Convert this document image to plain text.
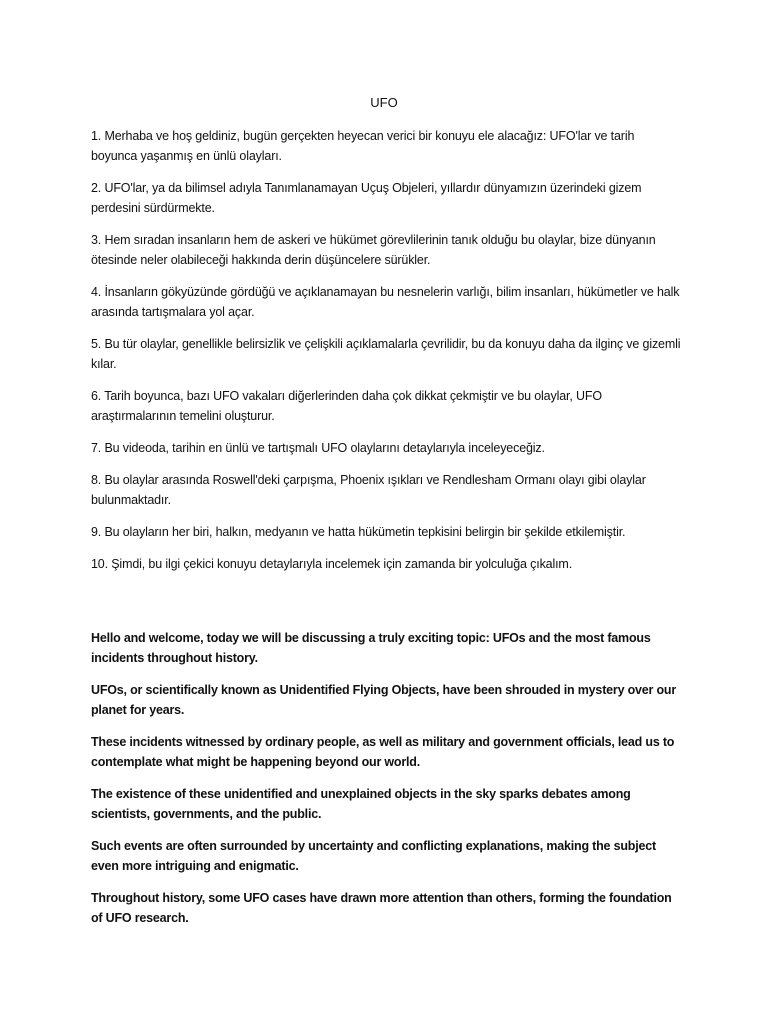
UFO

1. Merhaba ve hoş geldiniz, bugün gerçekten heyecan verici bir konuyu ele alacağız: UFO'lar ve tarih boyunca yaşanmış en ünlü olayları.

2. UFO'lar, ya da bilimsel adıyla Tanımlanamayan Uçuş Objeleri, yıllardır dünyamızın üzerindeki gizem perdesini sürdürmekte.

3. Hem sıradan insanların hem de askeri ve hükümet görevlilerinin tanık olduğu bu olaylar, bize dünyanın ötesinde neler olabileceği hakkında derin düşüncelere sürükler.

4. İnsanların gökyüzünde gördüğü ve açıklanamayan bu nesnelerin varlığı, bilim insanları, hükümetler ve halk arasında tartışmalara yol açar.

5. Bu tür olaylar, genellikle belirsizlik ve çelişkili açıklamalarla çevrilidir, bu da konuyu daha da ilginç ve gizemli kılar.

6. Tarih boyunca, bazı UFO vakaları diğerlerinden daha çok dikkat çekmiştir ve bu olaylar, UFO araştırmalarının temelini oluşturur.

7. Bu videoda, tarihin en ünlü ve tartışmalı UFO olaylarını detaylarıyla inceleyeceğiz.

8. Bu olaylar arasında Roswell'deki çarpışma, Phoenix ışıkları ve Rendlesham Ormanı olayı gibi olaylar bulunmaktadır.

9. Bu olayların her biri, halkın, medyanın ve hatta hükümetin tepkisini belirgin bir şekilde etkilemiştir.

10. Şimdi, bu ilgi çekici konuyu detaylarıyla incelemek için zamanda bir yolculuğa çıkalım.

Hello and welcome, today we will be discussing a truly exciting topic: UFOs and the most famous incidents throughout history.

UFOs, or scientifically known as Unidentified Flying Objects, have been shrouded in mystery over our planet for years.

These incidents witnessed by ordinary people, as well as military and government officials, lead us to contemplate what might be happening beyond our world.

The existence of these unidentified and unexplained objects in the sky sparks debates among scientists, governments, and the public.

Such events are often surrounded by uncertainty and conflicting explanations, making the subject even more intriguing and enigmatic.

Throughout history, some UFO cases have drawn more attention than others, forming the foundation of UFO research.
